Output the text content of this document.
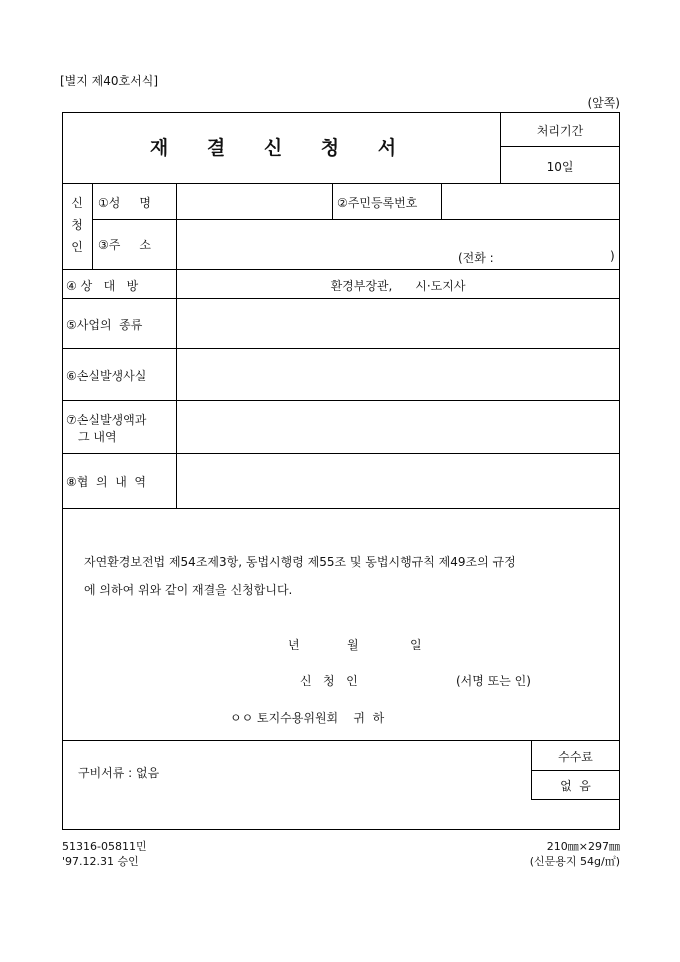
[별지 제40호서식]
(앞쪽)
재 결 신 청 서
처리기간
10일
신
청
인
①성     명	②주민등록번호
③주     소
(전화 :	)
④ 상   대   방	환경부장관,      시·도지사
⑤사업의  종류
⑥손실발생사실
⑦손실발생액과
그 내역
⑧협  의  내  역
자연환경보전법 제54조제3항, 동법시행령 제55조 및 동법시행규칙 제49조의 규정
에 의하여 위와 같이 재결을 신청합니다.
년	월	일
신   청   인	(서명 또는 인)
ㅇㅇ 토지수용위원회    귀  하
구비서류 : 없음
수수료
없  음
51316-05811민
'97.12.31 승인
210㎜×297㎜
(신문용지 54g/㎡)
